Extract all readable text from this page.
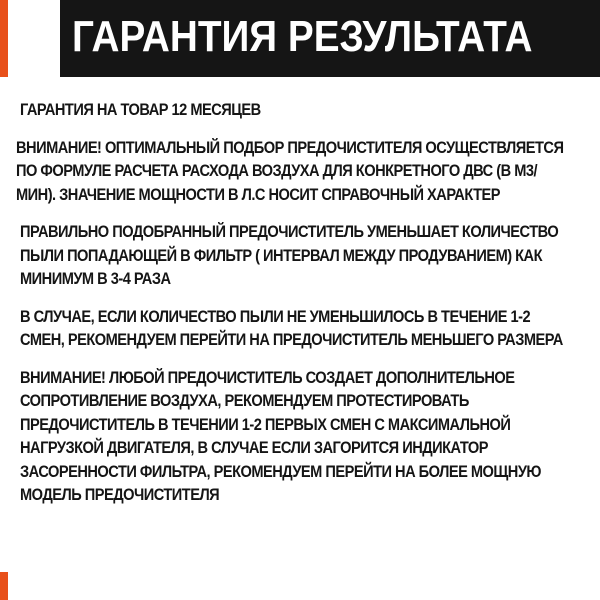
ГАРАНТИЯ РЕЗУЛЬТАТА

ГАРАНТИЯ НА ТОВАР 12 МЕСЯЦЕВ

ВНИМАНИЕ! ОПТИМАЛЬНЫЙ ПОДБОР ПРЕДОЧИСТИТЕЛЯ ОСУЩЕСТВЛЯЕТСЯ ПО ФОРМУЛЕ РАСЧЕТА РАСХОДА ВОЗДУХА ДЛЯ КОНКРЕТНОГО ДВС (В М3/МИН). ЗНАЧЕНИЕ МОЩНОСТИ В Л.С НОСИТ СПРАВОЧНЫЙ ХАРАКТЕР

ПРАВИЛЬНО ПОДОБРАННЫЙ ПРЕДОЧИСТИТЕЛЬ УМЕНЬШАЕТ КОЛИЧЕСТВО ПЫЛИ ПОПАДАЮЩЕЙ В ФИЛЬТР ( ИНТЕРВАЛ МЕЖДУ ПРОДУВАНИЕМ) КАК МИНИМУМ В 3-4 РАЗА

В СЛУЧАЕ, ЕСЛИ КОЛИЧЕСТВО ПЫЛИ НЕ УМЕНЬШИЛОСЬ В ТЕЧЕНИЕ 1-2 СМЕН, РЕКОМЕНДУЕМ ПЕРЕЙТИ НА ПРЕДОЧИСТИТЕЛЬ МЕНЬШЕГО РАЗМЕРА

ВНИМАНИЕ! ЛЮБОЙ ПРЕДОЧИСТИТЕЛЬ СОЗДАЕТ ДОПОЛНИТЕЛЬНОЕ СОПРОТИВЛЕНИЕ ВОЗДУХА, РЕКОМЕНДУЕМ ПРОТЕСТИРОВАТЬ ПРЕДОЧИСТИТЕЛЬ В ТЕЧЕНИИ 1-2 ПЕРВЫХ СМЕН С МАКСИМАЛЬНОЙ НАГРУЗКОЙ ДВИГАТЕЛЯ, В СЛУЧАЕ ЕСЛИ ЗАГОРИТСЯ ИНДИКАТОР ЗАСОРЕННОСТИ ФИЛЬТРА, РЕКОМЕНДУЕМ ПЕРЕЙТИ НА БОЛЕЕ МОЩНУЮ МОДЕЛЬ ПРЕДОЧИСТИТЕЛЯ
